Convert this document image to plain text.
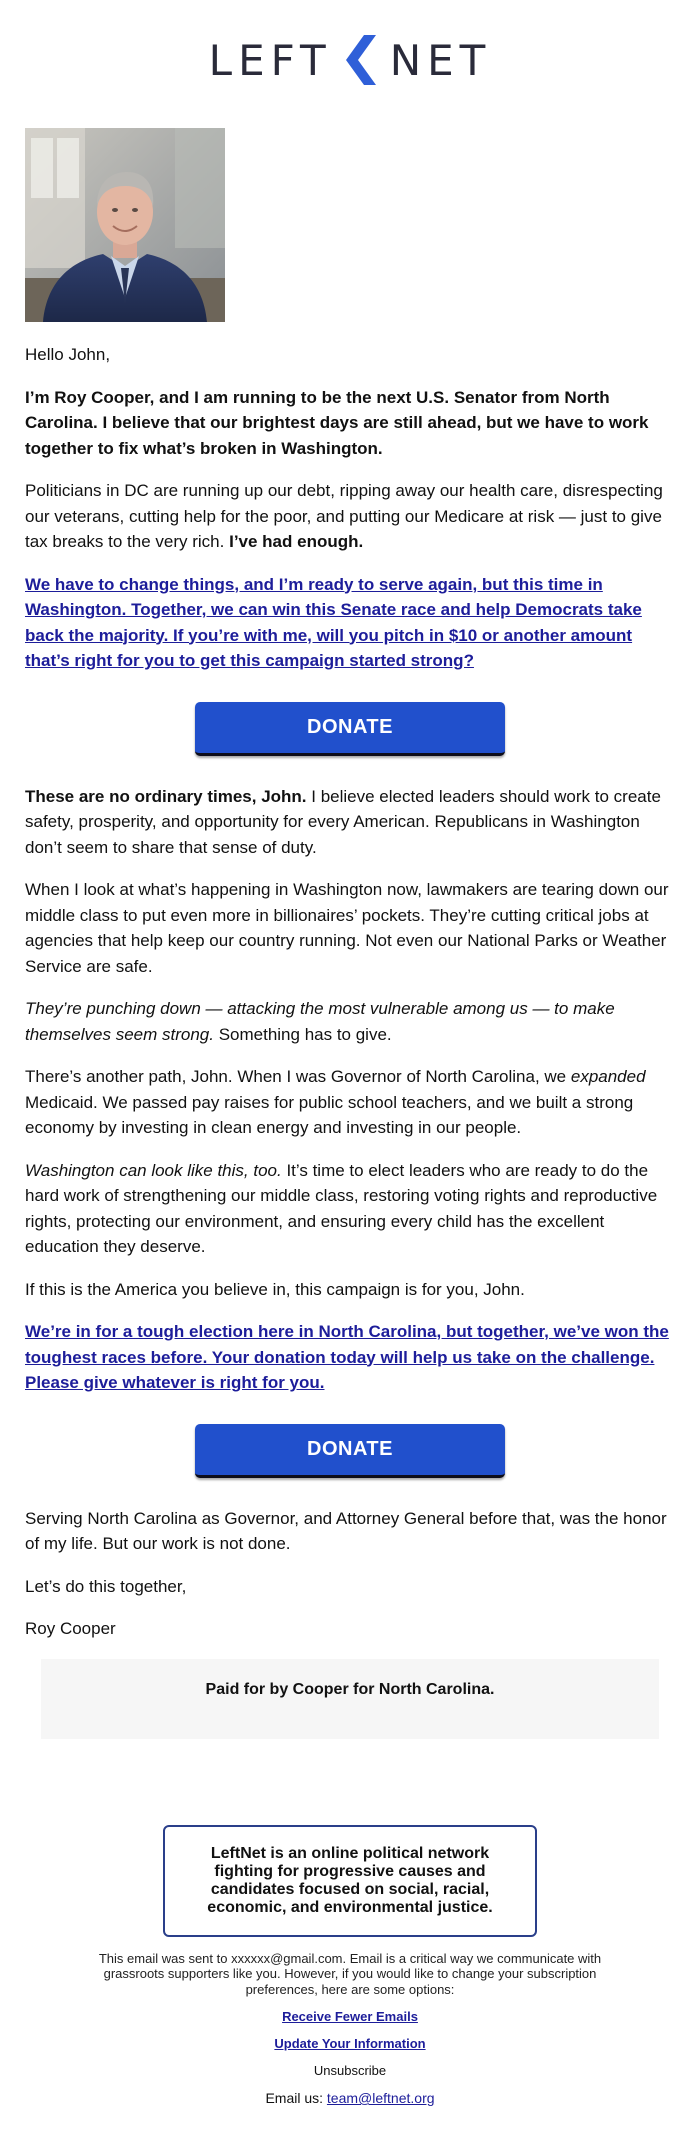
LEFT NET

Hello John,

I’m Roy Cooper, and I am running to be the next U.S. Senator from North Carolina. I believe that our brightest days are still ahead, but we have to work together to fix what’s broken in Washington.

Politicians in DC are running up our debt, ripping away our health care, disrespecting our veterans, cutting help for the poor, and putting our Medicare at risk — just to give tax breaks to the very rich. I’ve had enough.

We have to change things, and I’m ready to serve again, but this time in Washington. Together, we can win this Senate race and help Democrats take back the majority. If you’re with me, will you pitch in $10 or another amount that’s right for you to get this campaign started strong?

DONATE

These are no ordinary times, John. I believe elected leaders should work to create safety, prosperity, and opportunity for every American. Republicans in Washington don’t seem to share that sense of duty.

When I look at what’s happening in Washington now, lawmakers are tearing down our middle class to put even more in billionaires’ pockets. They’re cutting critical jobs at agencies that help keep our country running. Not even our National Parks or Weather Service are safe.

They’re punching down — attacking the most vulnerable among us — to make themselves seem strong. Something has to give.

There’s another path, John. When I was Governor of North Carolina, we expanded Medicaid. We passed pay raises for public school teachers, and we built a strong economy by investing in clean energy and investing in our people.

Washington can look like this, too. It’s time to elect leaders who are ready to do the hard work of strengthening our middle class, restoring voting rights and reproductive rights, protecting our environment, and ensuring every child has the excellent education they deserve.

If this is the America you believe in, this campaign is for you, John.

We’re in for a tough election here in North Carolina, but together, we’ve won the toughest races before. Your donation today will help us take on the challenge. Please give whatever is right for you.

DONATE

Serving North Carolina as Governor, and Attorney General before that, was the honor of my life. But our work is not done.

Let’s do this together,

Roy Cooper

Paid for by Cooper for North Carolina.
LeftNet is an online political network fighting for progressive causes and candidates focused on social, racial, economic, and environmental justice.

This email was sent to xxxxxx@gmail.com. Email is a critical way we communicate with grassroots supporters like you. However, if you would like to change your subscription preferences, here are some options:

Receive Fewer Emails
Update Your Information
Unsubscribe
Email us: team@leftnet.org
